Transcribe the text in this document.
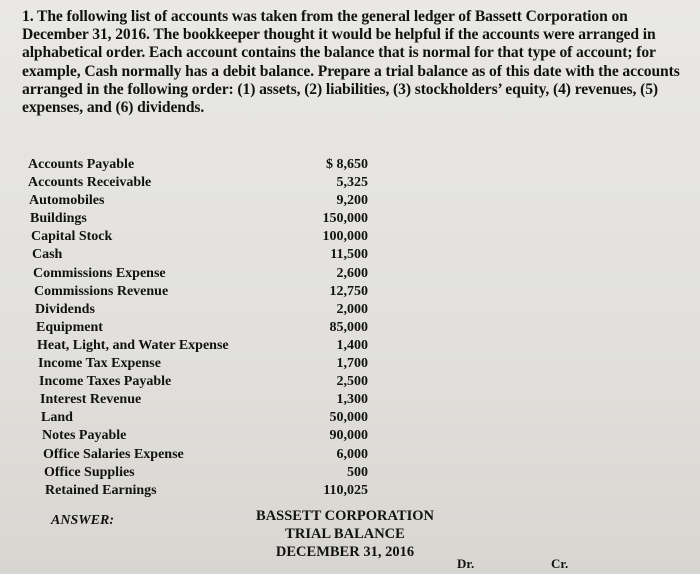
1. The following list of accounts was taken from the general ledger of Bassett Corporation on
December 31, 2016. The bookkeeper thought it would be helpful if the accounts were arranged in
alphabetical order. Each account contains the balance that is normal for that type of account; for
example, Cash normally has a debit balance. Prepare a trial balance as of this date with the accounts
arranged in the following order: (1) assets, (2) liabilities, (3) stockholders’ equity, (4) revenues, (5)
expenses, and (6) dividends.
Accounts Payable	$ 8,650
Accounts Receivable	5,325
Automobiles	9,200
Buildings	150,000
Capital Stock	100,000
Cash	11,500
Commissions Expense	2,600
Commissions Revenue	12,750
Dividends	2,000
Equipment	85,000
Heat, Light, and Water Expense	1,400
Income Tax Expense	1,700
Income Taxes Payable	2,500
Interest Revenue	1,300
Land	50,000
Notes Payable	90,000
Office Salaries Expense	6,000
Office Supplies	500
Retained Earnings	110,025
ANSWER:	BASSETT CORPORATION
TRIAL BALANCE
DECEMBER 31, 2016
Dr.	Cr.
